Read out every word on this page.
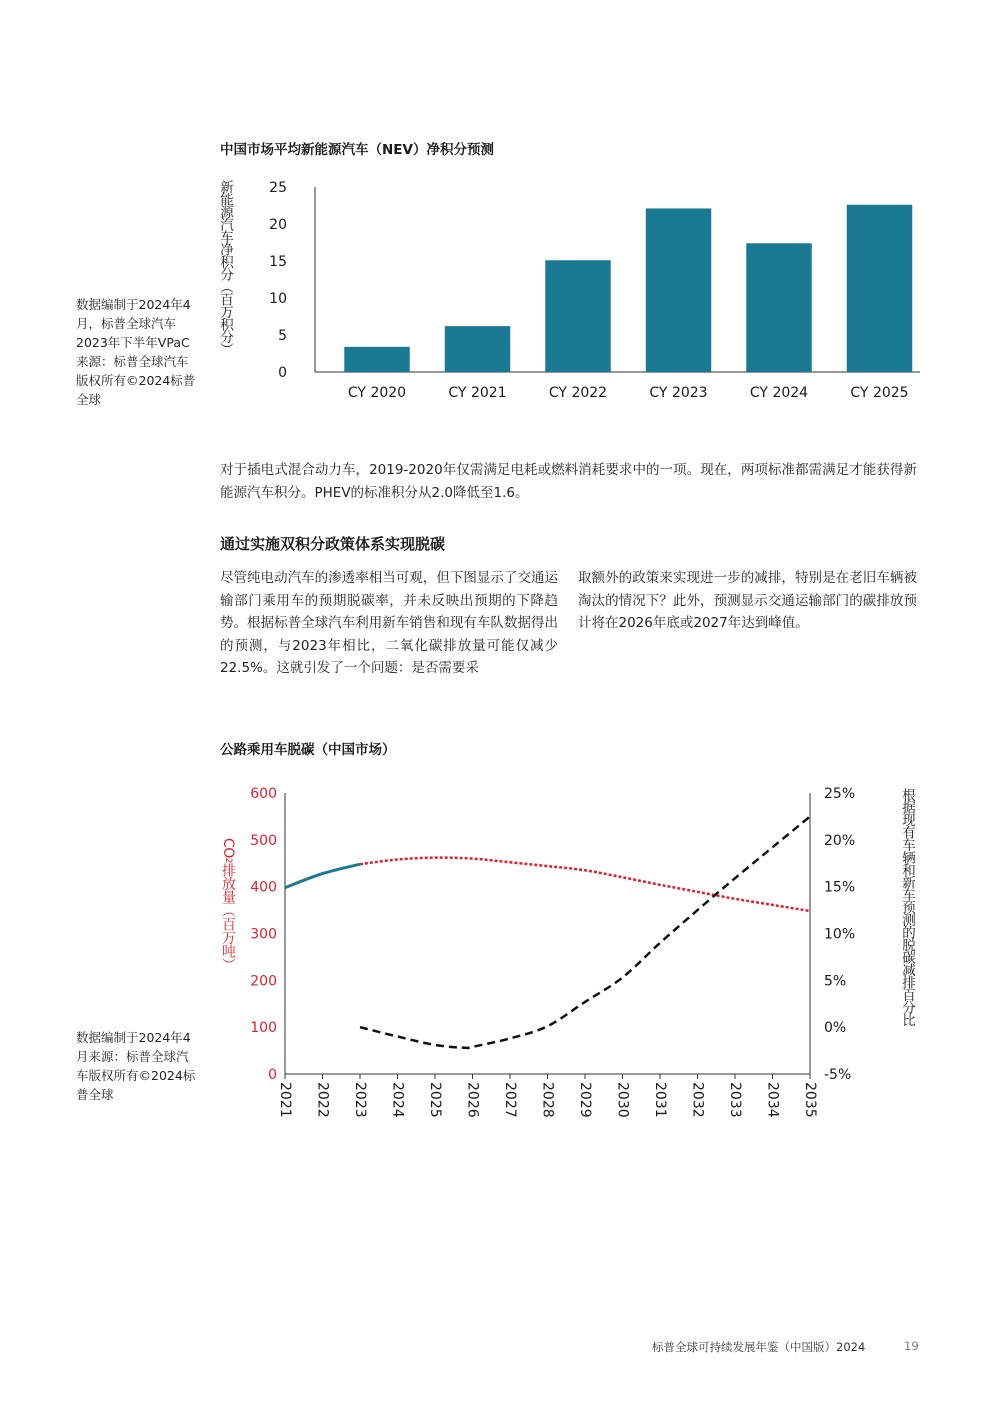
中国市场平均新能源汽车（NEV）净积分预测
新能源汽车净积分（百万积分）
0
5
10
15
20
25
CY 2020	CY 2021	CY 2022	CY 2023	CY 2024	CY 2025
数据编制于2024年4月，标普全球汽车2023年下半年VPaC来源：标普全球汽车版权所有©2024标普全球
对于插电式混合动力车，2019-2020年仅需满足电耗或燃料消耗要求中的一项。现在，两项标准都需满足才能获得新能源汽车积分。PHEV的标准积分从2.0降低至1.6。
通过实施双积分政策体系实现脱碳
尽管纯电动汽车的渗透率相当可观，但下图显示了交通运输部门乘用车的预期脱碳率，并未反映出预期的下降趋势。根据标普全球汽车利用新车销售和现有车队数据得出的预测，与2023年相比，二氧化碳排放量可能仅减少22.5%。这就引发了一个问题：是否需要采
取额外的政策来实现进一步的减排，特别是在老旧车辆被淘汰的情况下？此外，预测显示交通运输部门的碳排放预计将在2026年底或2027年达到峰值。
公路乘用车脱碳（中国市场）
CO2排放量（百万吨）	根据现有车辆和新车预测的脱碳减排百分比
0
100
200
300
400
500
600
-5%
0%
5%
10%
15%
20%
25%
2021 2022 2023 2024 2025 2026 2027 2028 2029 2030 2031 2032 2033 2034 2035
数据编制于2024年4月来源：标普全球汽车版权所有©2024标普全球
标普全球可持续发展年鉴（中国版）2024	19
